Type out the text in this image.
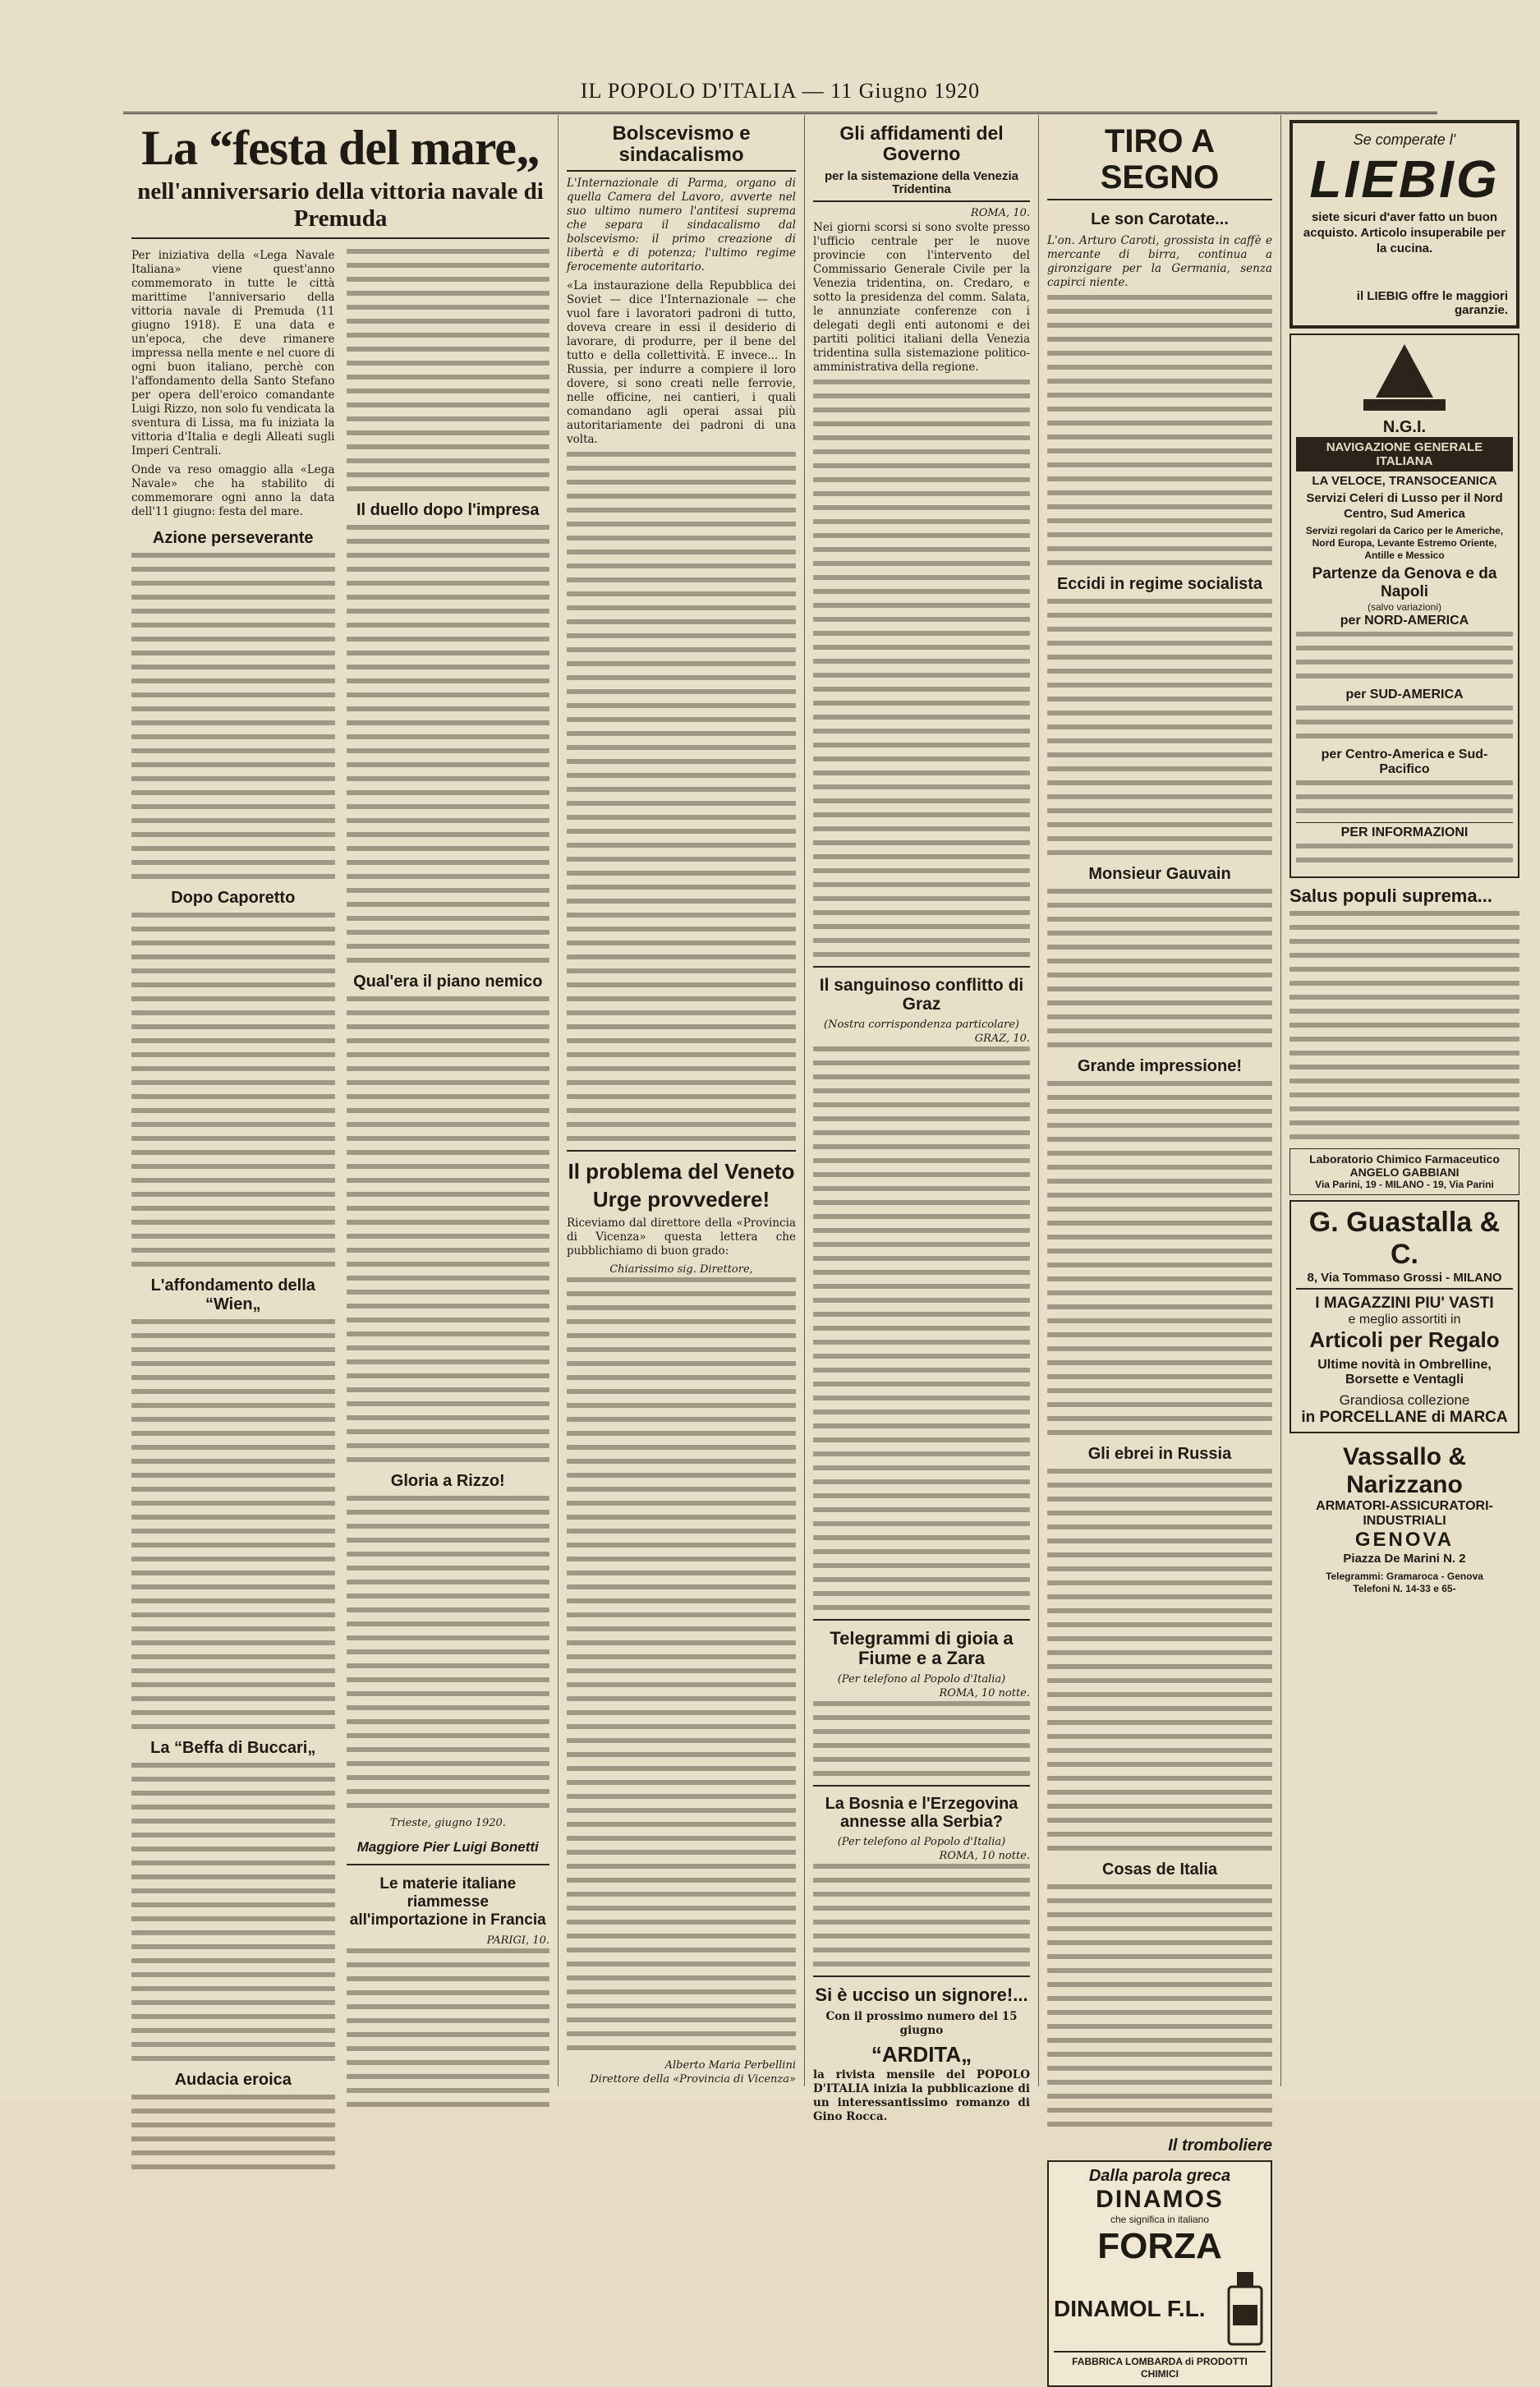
IL POPOLO D'ITALIA — 11 Giugno 1920
La “festa del mare„
nell'anniversario della vittoria navale di Premuda

Per iniziativa della «Lega Navale Italiana» viene quest'anno commemorato in tutte le città marittime l'anniversario della vittoria navale di Premuda (11 giugno 1918). E una data e un'epoca, che deve rimanere impressa nella mente e nel cuore di ogni buon italiano, perchè con l'affondamento della Santo Stefano per opera dell'eroico comandante Luigi Rizzo, non solo fu vendicata la sventura di Lissa, ma fu iniziata la vittoria d'Italia e degli Alleati sugli Imperi Centrali.

Onde va reso omaggio alla «Lega Navale» che ha stabilito di commemorare ogni anno la data dell'11 giugno: festa del mare.

Azione perseverante
Dopo Caporetto
L'affondamento della “Wien„
La “Beffa di Buccari„
Audacia eroica
Il duello dopo l'impresa
Qual'era il piano nemico
Gloria a Rizzo!
Trieste, giugno 1920.
Maggiore Pier Luigi Bonetti
Le materie italiane riammesse all'importazione in Francia
PARIGI, 10.
Bolscevismo e sindacalismo

L'Internazionale di Parma, organo di quella Camera del Lavoro, avverte nel suo ultimo numero l'antitesi suprema che separa il sindacalismo dal bolscevismo: il primo creazione di libertà e di potenza; l'ultimo regime ferocemente autoritario.

«La instaurazione della Repubblica dei Soviet — dice l'Internazionale — che vuol fare i lavoratori padroni di tutto, doveva creare in essi il desiderio di lavorare, di produrre, per il bene del tutto e della collettività. E invece... In Russia, per indurre a compiere il loro dovere, si sono creati nelle ferrovie, nelle officine, nei cantieri, i quali comandano agli operai assai più autoritariamente dei padroni di una volta.

Il problema del Veneto
Urge provvedere!

Riceviamo dal direttore della «Provincia di Vicenza» questa lettera che pubblichiamo di buon grado:

Chiarissimo sig. Direttore,
Alberto Maria Perbellini
Direttore della «Provincia di Vicenza»
Gli affidamenti del Governo
per la sistemazione della Venezia Tridentina
ROMA, 10.

Nei giorni scorsi si sono svolte presso l'ufficio centrale per le nuove provincie con l'intervento del Commissario Generale Civile per la Venezia tridentina, on. Credaro, e sotto la presidenza del comm. Salata, le annunziate conferenze con i delegati degli enti autonomi e dei partiti politici italiani della Venezia tridentina sulla sistemazione politico-amministrativa della regione.

Il sanguinoso conflitto di Graz
(Nostra corrispondenza particolare)
GRAZ, 10.
Telegrammi di gioia a Fiume e a Zara
(Per telefono al Popolo d'Italia)
ROMA, 10 notte.
La Bosnia e l'Erzegovina annesse alla Serbia?
(Per telefono al Popolo d'Italia)
ROMA, 10 notte.
Si è ucciso un signore!...

Con il prossimo numero del 15 giugno

“ARDITA„

la rivista mensile del POPOLO D'ITALIA inizia la pubblicazione di un interessantissimo romanzo di Gino Rocca.

TIRO A SEGNO
Le son Carotate...

L'on. Arturo Caroti, grossista in caffè e mercante di birra, continua a gironzigare per la Germania, senza capirci niente.

Eccidi in regime socialista
Monsieur Gauvain
Grande impressione!
Gli ebrei in Russia
Cosas de Italia
Il tromboliere
Dalla parola greca
DINAMOS
che significa in italiano
FORZA
DINAMOL F.L.
FABBRICA LOMBARDA di PRODOTTI CHIMICI
Se comperate l'
LIEBIG
siete sicuri d'aver fatto un buon acquisto. Articolo insuperabile per la cucina.
il LIEBIG offre le maggiori garanzie.
N.G.I.
NAVIGAZIONE GENERALE ITALIANA
LA VELOCE, TRANSOCEANICA
Servizi Celeri di Lusso per il Nord Centro, Sud America
Servizi regolari da Carico per le Americhe, Nord Europa, Levante Estremo Oriente, Antille e Messico
Partenze da Genova e da Napoli
(salvo variazioni)
per NORD-AMERICA
per SUD-AMERICA
per Centro-America e Sud-Pacifico
PER INFORMAZIONI
Salus populi suprema...
Laboratorio Chimico Farmaceutico
ANGELO GABBIANI
Via Parini, 19 - MILANO - 19, Via Parini
G. Guastalla & C.
8, Via Tommaso Grossi - MILANO
I MAGAZZINI PIU' VASTI
e meglio assortiti in
Articoli per Regalo
Ultime novità in Ombrelline, Borsette e Ventagli
Grandiosa collezione
in PORCELLANE di MARCA
Vassallo & Narizzano
ARMATORI-ASSICURATORI-INDUSTRIALI
GENOVA
Piazza De Marini N. 2
Telegrammi: Gramaroca - Genova
Telefoni N. 14-33 e 65-
